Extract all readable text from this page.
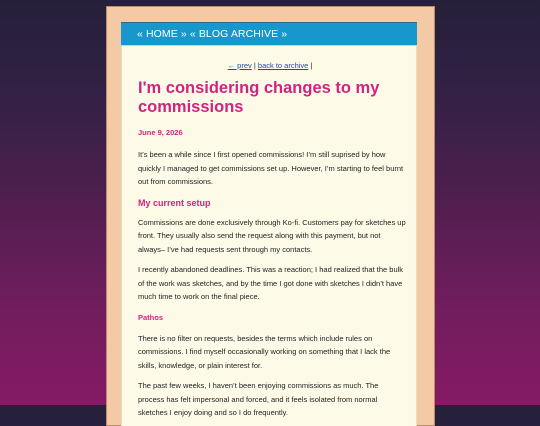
« HOME » « BLOG ARCHIVE »
← prev | back to archive |
I'm considering changes to my commissions
June 9, 2026

It’s been a while since I first opened commissions! I’m still suprised by how quickly I managed to get commissions set up. However, I’m starting to feel burnt out from commissions.

My current setup

Commissions are done exclusively through Ko-fi. Customers pay for sketches up front. They usually also send the request along with this payment, but not always– I’ve had requests sent through my contacts.

I recently abandoned deadlines. This was a reaction; I had realized that the bulk of the work was sketches, and by the time I got done with sketches I didn’t have much time to work on the final piece.

Pathos

There is no filter on requests, besides the terms which include rules on commissions. I find myself occasionally working on something that I lack the skills, knowledge, or plain interest for.

The past few weeks, I haven’t been enjoying commissions as much. The process has felt impersonal and forced, and it feels isolated from normal sketches I enjoy doing and so I do frequently.
